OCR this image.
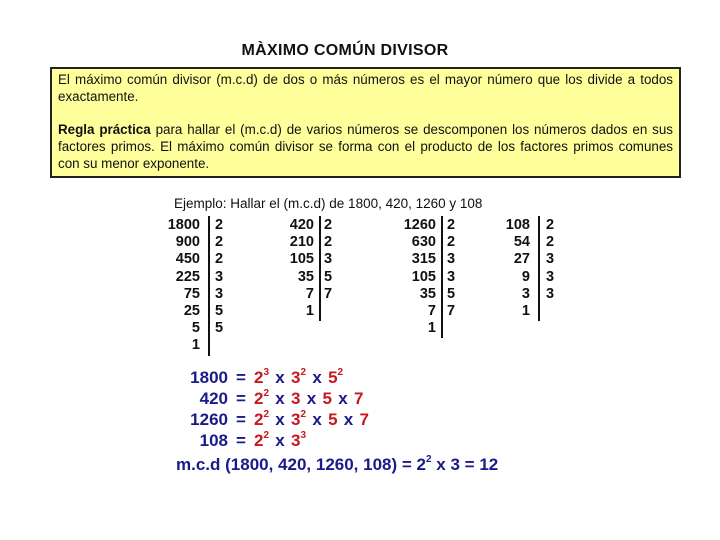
MÀXIMO COMÚN DIVISOR

El máximo común divisor (m.c.d) de dos o más números es el mayor número que los divide a todos exactamente.

Regla práctica para hallar el (m.c.d) de varios números se descomponen los números dados en sus factores primos. El máximo común divisor se forma con el producto de los factores primos comunes con su menor exponente.

Ejemplo: Hallar el (m.c.d) de 1800, 420, 1260 y 108
1800
900
450
225
75
25
5
1
2
2
2
3
3
5
5
420
210
105
35
7
1
2
2
3
5
7
1260
630
315
105
35
7
1
2
2
3
3
5
7
108
54
27
9
3
1
2
2
3
3
3
$1800 = 2^3$ x $3^2$ x $5^2$
$420 = 2^2$ x 3 x 5 x 7
$1260 = 2^2$ x $3^2$ x 5 x 7
$108 = 2^2$ x $3^3$
m.c.d (1800, 420, 1260, $108) = 2^2$ x 3 = 12
